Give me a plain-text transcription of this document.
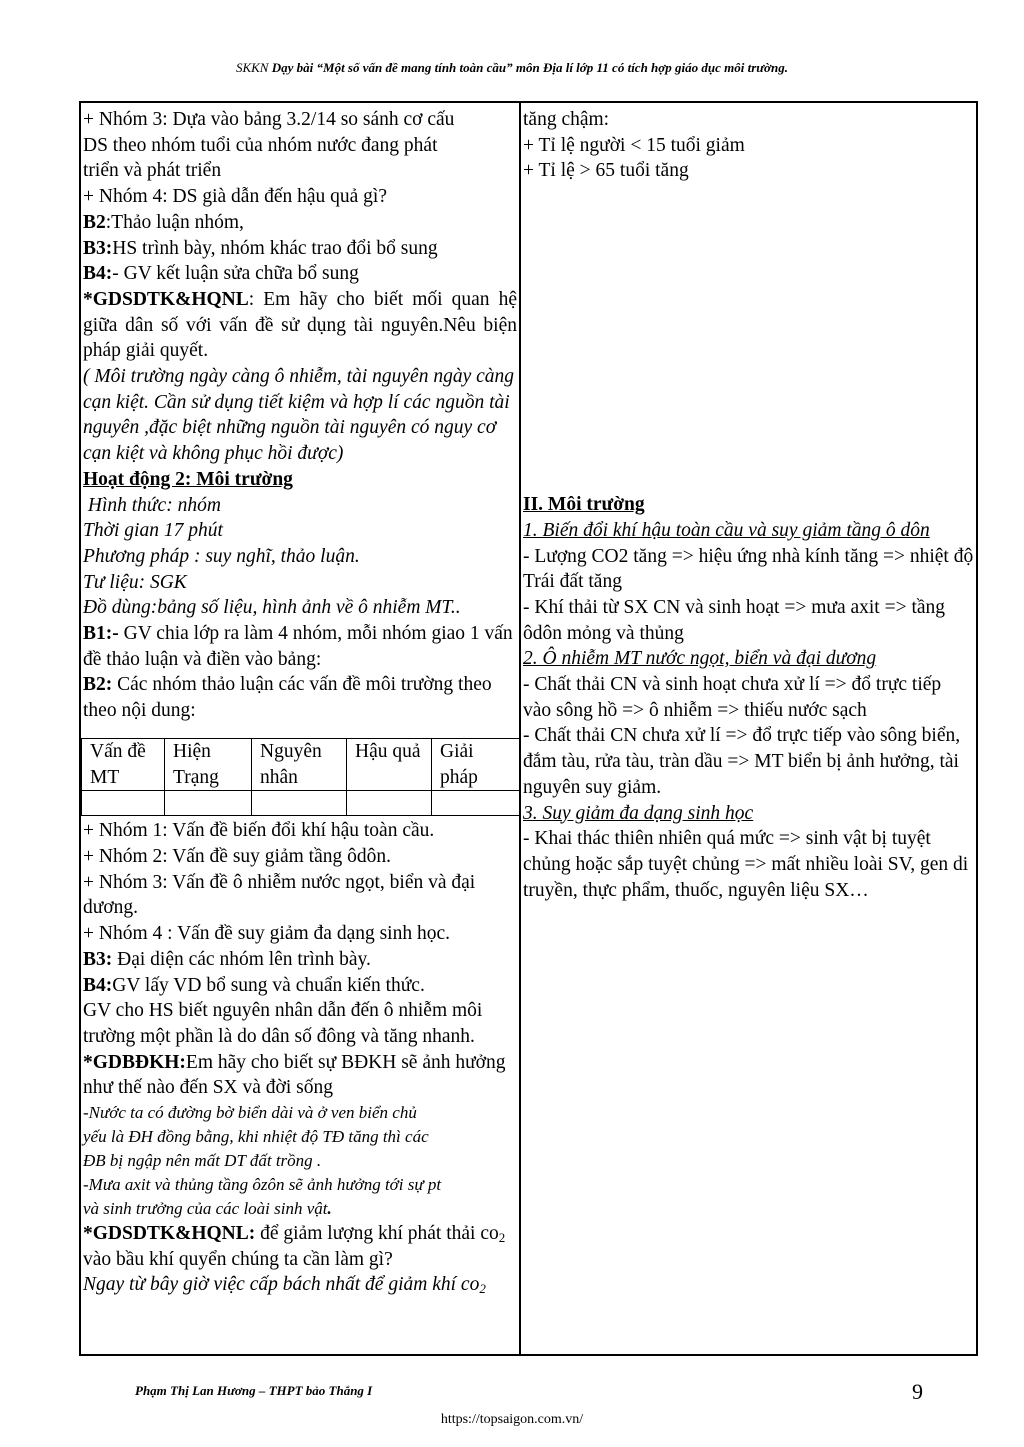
SKKN Dạy bài “Một số vấn đề mang tính toàn cầu” môn Địa lí lớp 11 có tích hợp giáo dục môi trường.
+ Nhóm 3: Dựa vào bảng 3.2/14 so sánh cơ cấu
DS theo nhóm tuổi của nhóm nước đang phát
triển và phát triển
+ Nhóm 4: DS già dẫn đến hậu quả gì?
B2:Thảo luận nhóm,
B3:HS trình bày, nhóm khác trao đổi bổ sung
B4:- GV kết luận sửa chữa bổ sung
*GDSDTK&HQNL: Em hãy cho biết mối quan hệ giữa dân số với vấn đề sử dụng tài nguyên.Nêu biện pháp giải quyết.
( Môi trường ngày càng ô nhiễm, tài nguyên ngày càng cạn kiệt. Cần sử dụng tiết kiệm và hợp lí các nguồn tài nguyên ,đặc biệt những nguồn tài nguyên có nguy cơ cạn kiệt và không phục hồi được)
Hoạt động 2: Môi trường
Hình thức: nhóm
Thời gian 17 phút
Phương pháp : suy nghĩ, thảo luận.
Tư liệu: SGK
Đồ dùng:bảng số liệu, hình ảnh về ô nhiễm MT..
B1:- GV chia lớp ra làm 4 nhóm, mỗi nhóm giao 1 vấn đề thảo luận và điền vào bảng:
B2: Các nhóm thảo luận các vấn đề môi trường theo theo nội dung:
Vấn đề MT	Hiện Trạng	Nguyên nhân	Hậu quả	Giải pháp

+ Nhóm 1: Vấn đề biến đổi khí hậu toàn cầu.
+ Nhóm 2: Vấn đề suy giảm tầng ôdôn.
+ Nhóm 3: Vấn đề ô nhiễm nước ngọt, biển và đại dương.
+ Nhóm 4 : Vấn đề suy giảm đa dạng sinh học.
B3: Đại diện các nhóm lên trình bày.
B4:GV lấy VD bổ sung và chuẩn kiến thức.
GV cho HS biết nguyên nhân dẫn đến ô nhiễm môi trường một phần là do dân số đông và tăng nhanh.
*GDBĐKH:Em hãy cho biết sự BĐKH sẽ ảnh hưởng như thế nào đến SX và đời sống
-Nước ta có đường bờ biển dài và ở ven biển chủ
yếu là ĐH đồng bằng, khi nhiệt độ TĐ tăng thì các
ĐB bị ngập nên mất DT đất trồng .
-Mưa axit và thủng tầng ôzôn sẽ ảnh hưởng tới sự pt
và sinh trưởng của các loài sinh vật.
*GDSDTK&HQNL: để giảm lượng khí phát thải $co_2$ vào bầu khí quyển chúng ta cần làm gì?
Ngay từ bây giờ việc cấp bách nhất để giảm khí $co_2$
tăng chậm:
+ Tỉ lệ người < 15 tuổi giảm
+ Tỉ lệ > 65 tuổi tăng
II. Môi trường
1. Biến đổi khí hậu toàn cầu và suy giảm tầng ô dôn
- Lượng CO2 tăng => hiệu ứng nhà kính tăng => nhiệt độ Trái đất tăng
- Khí thải từ SX CN và sinh hoạt => mưa axit => tầng ôdôn mỏng và thủng
2. Ô nhiễm MT nước ngọt, biển và đại dương
- Chất thải CN và sinh hoạt chưa xử lí => đổ trực tiếp vào sông hồ => ô nhiễm => thiếu nước sạch
- Chất thải CN chưa xử lí => đổ trực tiếp vào sông biển, đắm tàu, rửa tàu, tràn dầu => MT biển bị ảnh hưởng, tài nguyên suy giảm.
3. Suy giảm đa dạng sinh học
- Khai thác thiên nhiên quá mức => sinh vật bị tuyệt chủng hoặc sắp tuyệt chủng => mất nhiều loài SV, gen di truyền, thực phẩm, thuốc, nguyên liệu SX…
Phạm Thị Lan Hương – THPT bảo Thắng I	9
https://topsaigon.com.vn/
